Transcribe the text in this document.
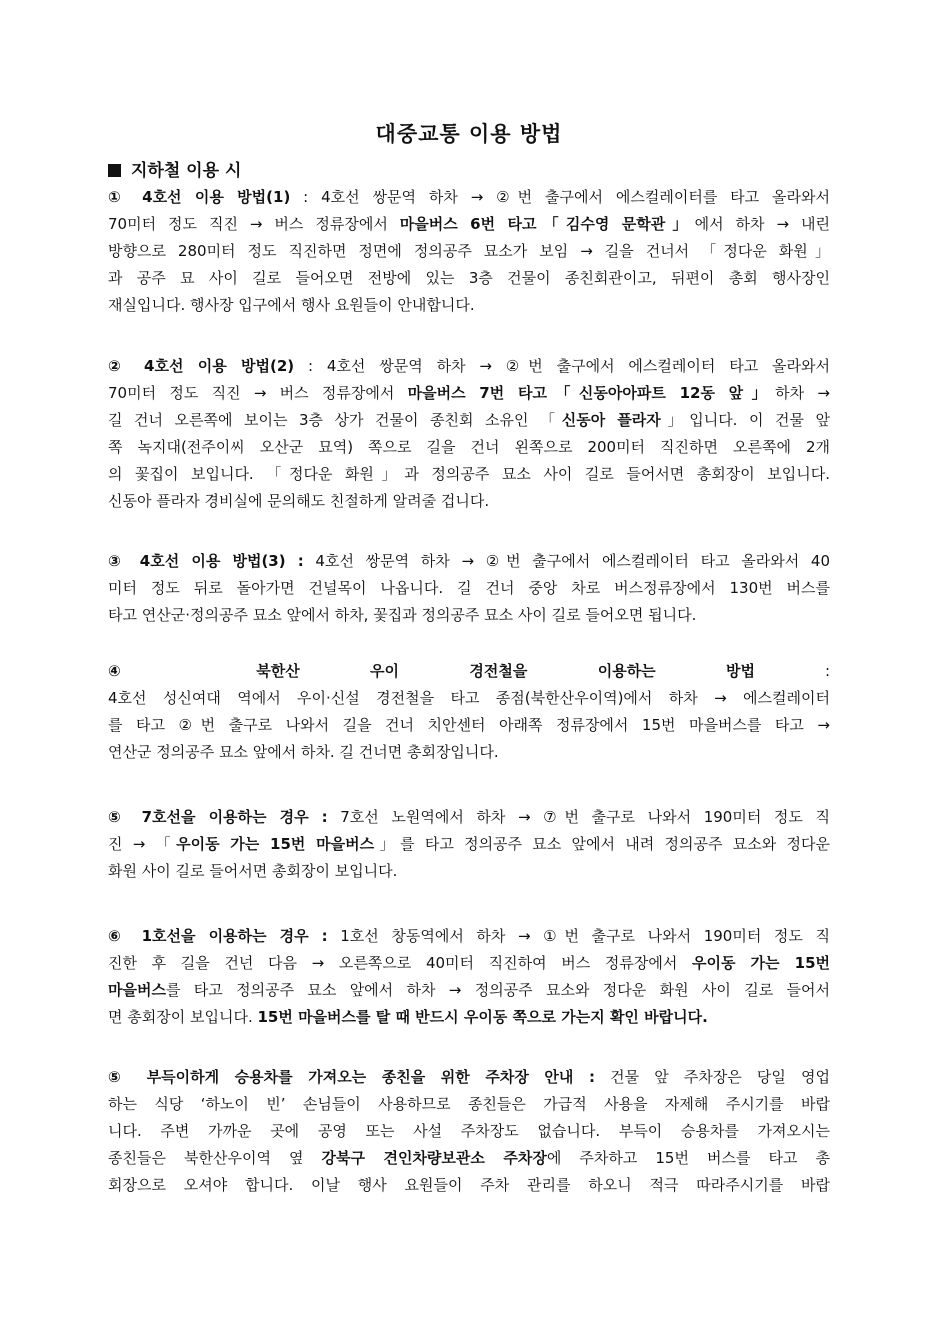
대중교통 이용 방법
지하철 이용 시
① 4호선 이용 방법(1) : 4호선 쌍문역 하차 → ②번 출구에서 에스컬레이터를 타고 올라와서
70미터 정도 직진 → 버스 정류장에서 마을버스 6번 타고「김수영 문학관」에서 하차 → 내린
방향으로 280미터 정도 직진하면 정면에 정의공주 묘소가 보임 → 길을 건너서 「정다운 화원」
과 공주 묘 사이 길로 들어오면 전방에 있는 3층 건물이 종친회관이고, 뒤편이 총회 행사장인
재실입니다. 행사장 입구에서 행사 요원들이 안내합니다.
② 4호선 이용 방법(2) : 4호선 쌍문역 하차 → ②번 출구에서 에스컬레이터 타고 올라와서
70미터 정도 직진 → 버스 정류장에서 마을버스 7번 타고「신동아아파트 12동 앞」하차 →
길 건너 오른쪽에 보이는 3층 상가 건물이 종친회 소유인 「신동아 플라자」입니다. 이 건물 앞
쪽 녹지대(전주이씨 오산군 묘역) 쪽으로 길을 건너 왼쪽으로 200미터 직진하면 오른쪽에 2개
의 꽃집이 보입니다. 「정다운 화원」과 정의공주 묘소 사이 길로 들어서면 총회장이 보입니다.
신동아 플라자 경비실에 문의해도 친절하게 알려줄 겁니다.
③ 4호선 이용 방법(3) : 4호선 쌍문역 하차 → ②번 출구에서 에스컬레이터 타고 올라와서 40
미터 정도 뒤로 돌아가면 건널목이 나옵니다. 길 건너 중앙 차로 버스정류장에서 130번 버스를
타고 연산군·정의공주 묘소 앞에서 하차, 꽃집과 정의공주 묘소 사이 길로 들어오면 됩니다.
④ 북한산 우이 경전철을 이용하는 방법 :
4호선 성신여대 역에서 우이·신설 경전철을 타고 종점(북한산우이역)에서 하차 → 에스컬레이터
를 타고 ②번 출구로 나와서 길을 건너 치안센터 아래쪽 정류장에서 15번 마을버스를 타고 →
연산군 정의공주 묘소 앞에서 하차. 길 건너면 총회장입니다.
⑤ 7호선을 이용하는 경우 : 7호선 노원역에서 하차 → ⑦번 출구로 나와서 190미터 정도 직
진 → 「우이동 가는 15번 마을버스」를 타고 정의공주 묘소 앞에서 내려 정의공주 묘소와 정다운
화원 사이 길로 들어서면 총회장이 보입니다.
⑥ 1호선을 이용하는 경우 : 1호선 창동역에서 하차 → ①번 출구로 나와서 190미터 정도 직
진한 후 길을 건넌 다음 → 오른쪽으로 40미터 직진하여 버스 정류장에서 우이동 가는 15번
마을버스를 타고 정의공주 묘소 앞에서 하차 → 정의공주 묘소와 정다운 화원 사이 길로 들어서
면 총회장이 보입니다. 15번 마을버스를 탈 때 반드시 우이동 쪽으로 가는지 확인 바랍니다.
⑤ 부득이하게 승용차를 가져오는 종친을 위한 주차장 안내 : 건물 앞 주차장은 당일 영업
하는 식당 ‘하노이 빈’ 손님들이 사용하므로 종친들은 가급적 사용을 자제해 주시기를 바랍
니다. 주변 가까운 곳에 공영 또는 사설 주차장도 없습니다. 부득이 승용차를 가져오시는
종친들은 북한산우이역 옆 강북구 견인차량보관소 주차장에 주차하고 15번 버스를 타고 총
회장으로 오셔야 합니다. 이날 행사 요원들이 주차 관리를 하오니 적극 따라주시기를 바랍
